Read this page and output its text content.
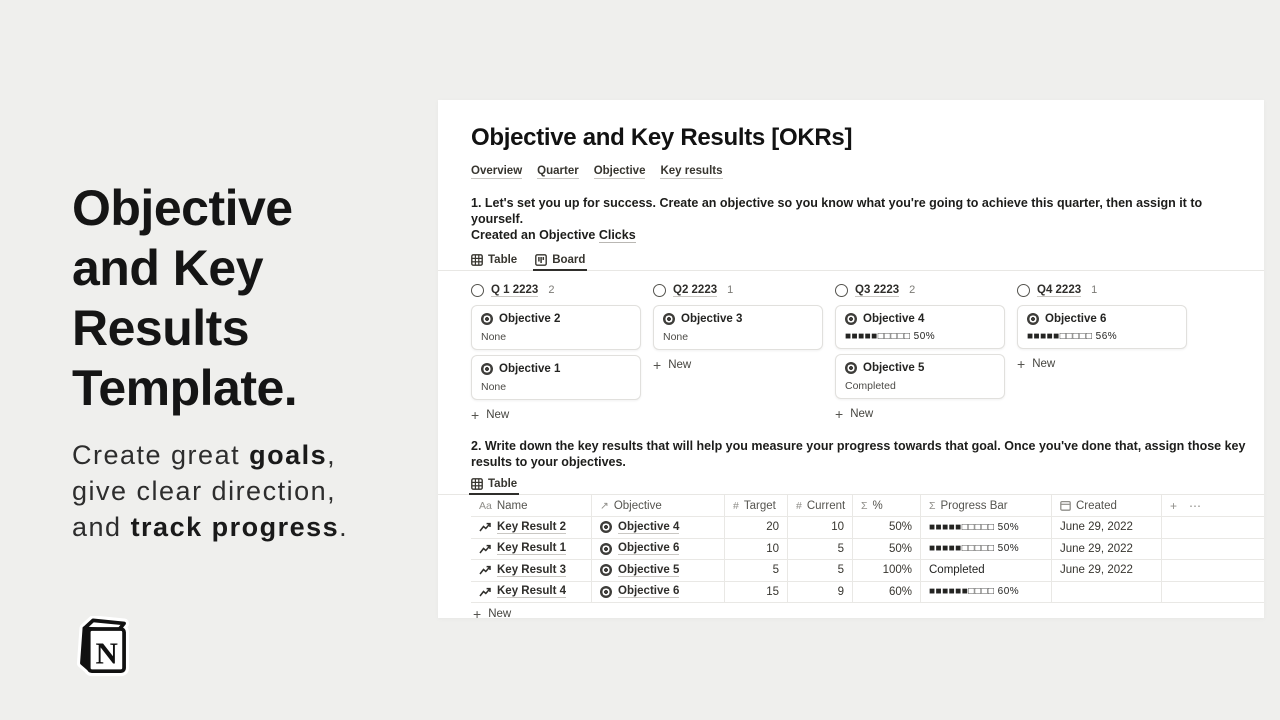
Objective
and Key
Results
Template.
Create great goals,
give clear direction,
and track progress.
N
Objective and Key Results [OKRs]
Overview Quarter Objective Key results
1. Let's set you up for success. Create an objective so you know what you're going to achieve this quarter, then assign it to yourself.
Created an Objective Clicks
Table	Board
Q 1 2223 2
Objective 2
None
Objective 1
None
+ New
Q2 2223 1
Objective 3
None
+ New
Q3 2223 2
Objective 4
■■■■■□□□□□ 50%
Objective 5
Completed
+ New
Q4 2223 1
Objective 6
■■■■■□□□□□ 56%
+ New
2. Write down the key results that will help you measure your progress towards that goal. Once you've done that, assign those key
results to your objectives.
Table
Aa Name	↗ Objective	# Target # Current Σ %	Σ Progress Bar	Created	+ ⋯
Key Result 2	Objective 4	20	10	50%	■■■■■□□□□□ 50%	June 29, 2022
Key Result 1	Objective 6	10	5	50%	■■■■■□□□□□ 50%	June 29, 2022
Key Result 3	Objective 5	5	5	100%	Completed	June 29, 2022
Key Result 4	Objective 6	15	9	60%	■■■■■■□□□□ 60%
+ New
